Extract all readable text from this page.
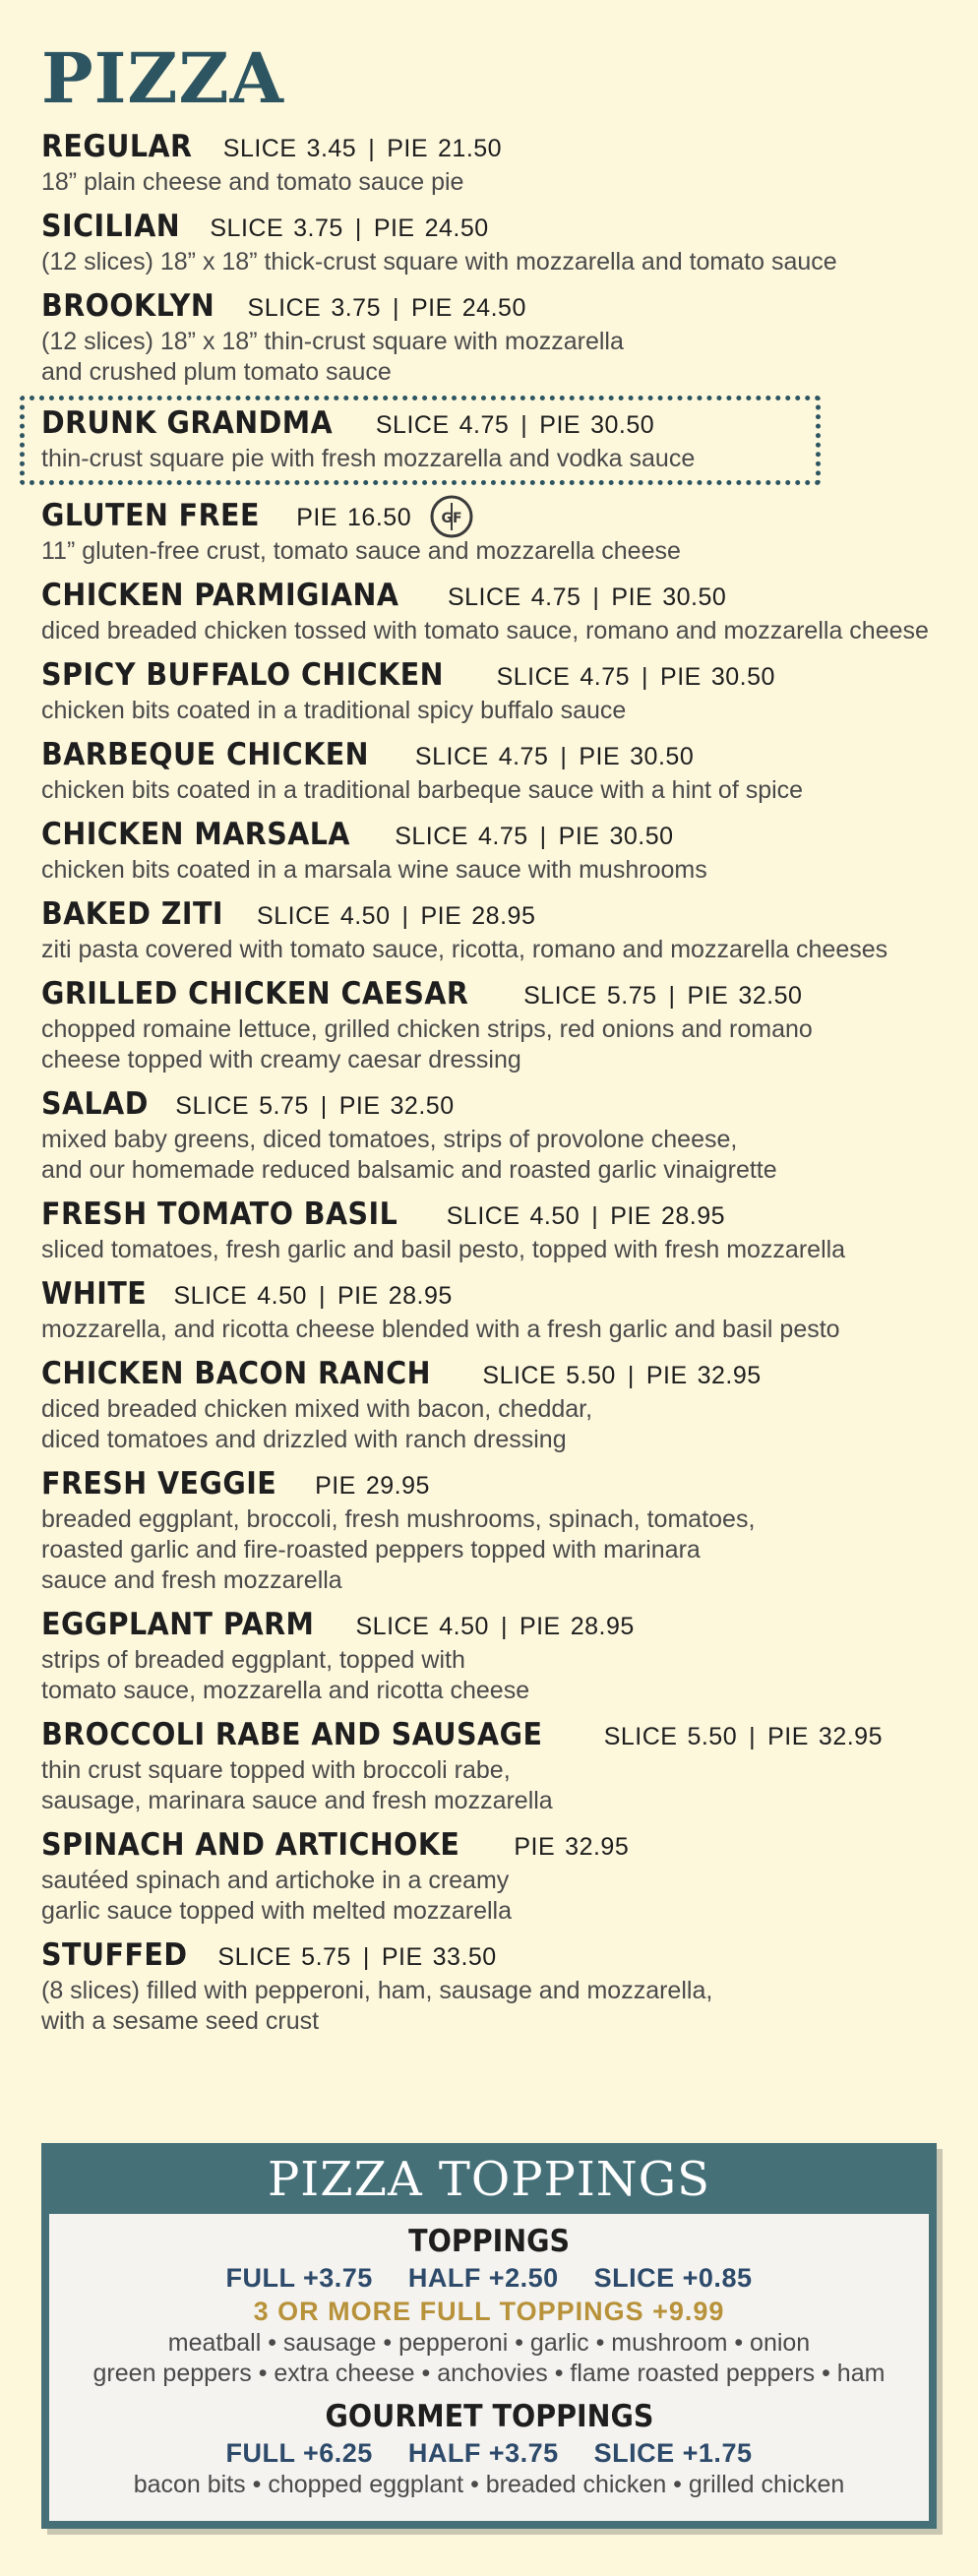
PIZZA
REGULAR SLICE 3.45 | PIE 21.50
18” plain cheese and tomato sauce pie
SICILIAN SLICE 3.75 | PIE 24.50
(12 slices) 18” x 18” thick-crust square with mozzarella and tomato sauce
BROOKLYN SLICE 3.75 | PIE 24.50
(12 slices) 18” x 18” thin-crust square with mozzarella
and crushed plum tomato sauce
DRUNK GRANDMA SLICE 4.75 | PIE 30.50
thin-crust square pie with fresh mozzarella and vodka sauce
GLUTEN FREE PIE 16.50 GF
11” gluten-free crust, tomato sauce and mozzarella cheese
CHICKEN PARMIGIANA SLICE 4.75 | PIE 30.50
diced breaded chicken tossed with tomato sauce, romano and mozzarella cheese
SPICY BUFFALO CHICKEN SLICE 4.75 | PIE 30.50
chicken bits coated in a traditional spicy buffalo sauce
BARBEQUE CHICKEN SLICE 4.75 | PIE 30.50
chicken bits coated in a traditional barbeque sauce with a hint of spice
CHICKEN MARSALA SLICE 4.75 | PIE 30.50
chicken bits coated in a marsala wine sauce with mushrooms
BAKED ZITI SLICE 4.50 | PIE 28.95
ziti pasta covered with tomato sauce, ricotta, romano and mozzarella cheeses
GRILLED CHICKEN CAESAR SLICE 5.75 | PIE 32.50
chopped romaine lettuce, grilled chicken strips, red onions and romano
cheese topped with creamy caesar dressing
SALAD SLICE 5.75 | PIE 32.50
mixed baby greens, diced tomatoes, strips of provolone cheese,
and our homemade reduced balsamic and roasted garlic vinaigrette
FRESH TOMATO BASIL SLICE 4.50 | PIE 28.95
sliced tomatoes, fresh garlic and basil pesto, topped with fresh mozzarella
WHITE SLICE 4.50 | PIE 28.95
mozzarella, and ricotta cheese blended with a fresh garlic and basil pesto
CHICKEN BACON RANCH SLICE 5.50 | PIE 32.95
diced breaded chicken mixed with bacon, cheddar,
diced tomatoes and drizzled with ranch dressing
FRESH VEGGIE PIE 29.95
breaded eggplant, broccoli, fresh mushrooms, spinach, tomatoes,
roasted garlic and fire-roasted peppers topped with marinara
sauce and fresh mozzarella
EGGPLANT PARM SLICE 4.50 | PIE 28.95
strips of breaded eggplant, topped with
tomato sauce, mozzarella and ricotta cheese
BROCCOLI RABE AND SAUSAGE SLICE 5.50 | PIE 32.95
thin crust square topped with broccoli rabe,
sausage, marinara sauce and fresh mozzarella
SPINACH AND ARTICHOKE PIE 32.95
sautéed spinach and artichoke in a creamy
garlic sauce topped with melted mozzarella
STUFFED SLICE 5.75 | PIE 33.50
(8 slices) filled with pepperoni, ham, sausage and mozzarella,
with a sesame seed crust
PIZZA TOPPINGS
TOPPINGS
FULL +3.75 HALF +2.50 SLICE +0.85
3 OR MORE FULL TOPPINGS +9.99
meatball • sausage • pepperoni • garlic • mushroom • onion
green peppers • extra cheese • anchovies • flame roasted peppers • ham
GOURMET TOPPINGS
FULL +6.25 HALF +3.75 SLICE +1.75
bacon bits • chopped eggplant • breaded chicken • grilled chicken
